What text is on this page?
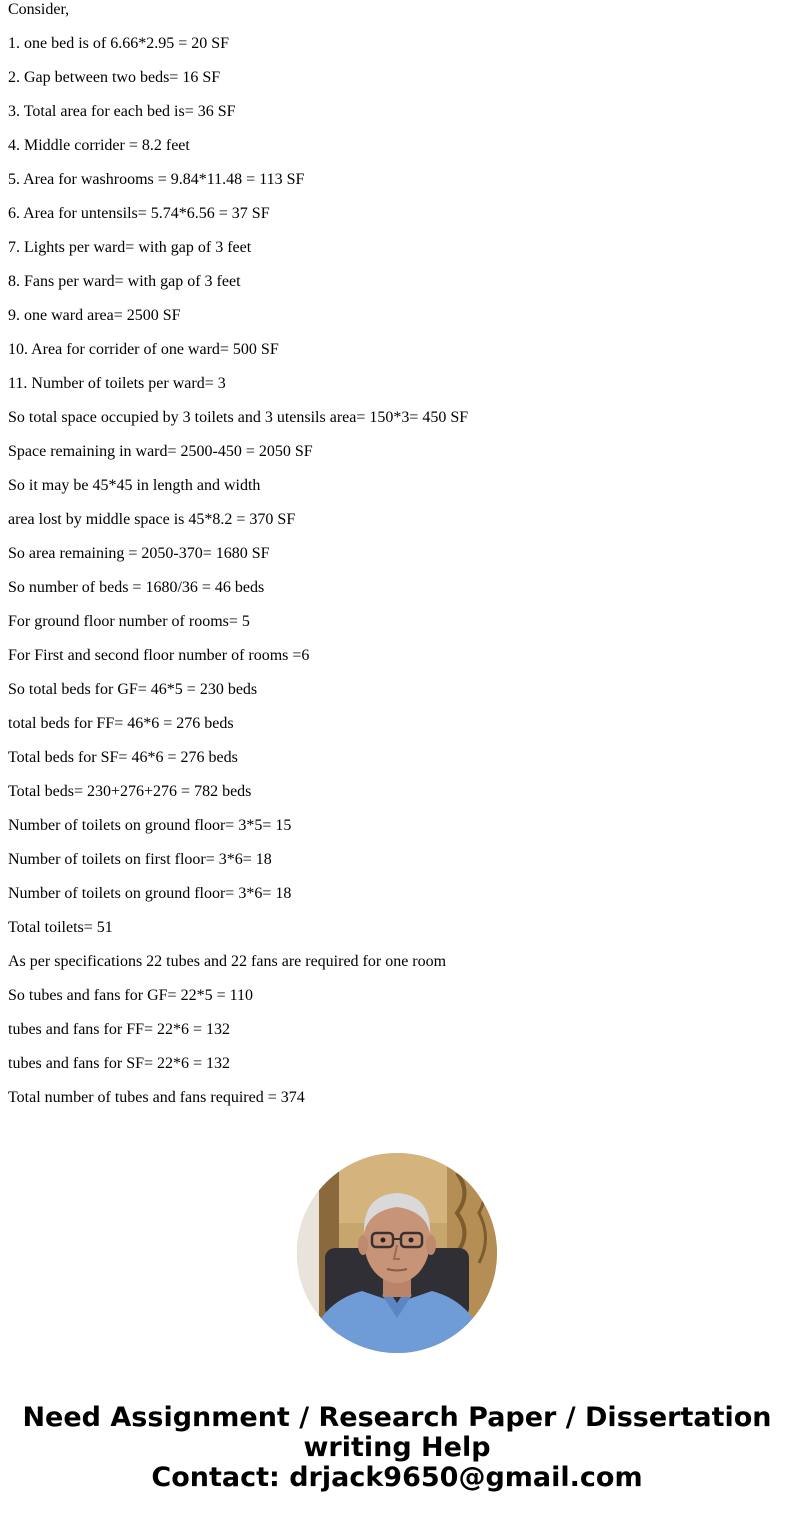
Consider,
1. one bed is of 6.66*2.95 = 20 SF
2. Gap between two beds= 16 SF
3. Total area for each bed is= 36 SF
4. Middle corrider = 8.2 feet
5. Area for washrooms = 9.84*11.48 = 113 SF
6. Area for untensils= 5.74*6.56 = 37 SF
7. Lights per ward= with gap of 3 feet
8. Fans per ward= with gap of 3 feet
9. one ward area= 2500 SF
10. Area for corrider of one ward= 500 SF
11. Number of toilets per ward= 3
So total space occupied by 3 toilets and 3 utensils area= 150*3= 450 SF
Space remaining in ward= 2500-450 = 2050 SF
So it may be 45*45 in length and width
area lost by middle space is 45*8.2 = 370 SF
So area remaining = 2050-370= 1680 SF
So number of beds = 1680/36 = 46 beds
For ground floor number of rooms= 5
For First and second floor number of rooms =6
So total beds for GF= 46*5 = 230 beds
total beds for FF= 46*6 = 276 beds
Total beds for SF= 46*6 = 276 beds
Total beds= 230+276+276 = 782 beds
Number of toilets on ground floor= 3*5= 15
Number of toilets on first floor= 3*6= 18
Number of toilets on ground floor= 3*6= 18
Total toilets= 51
As per specifications 22 tubes and 22 fans are required for one room
So tubes and fans for GF= 22*5 = 110
tubes and fans for FF= 22*6 = 132
tubes and fans for SF= 22*6 = 132
Total number of tubes and fans required = 374
Need Assignment / Research Paper / Dissertation
writing Help
Contact: drjack9650@gmail.com
